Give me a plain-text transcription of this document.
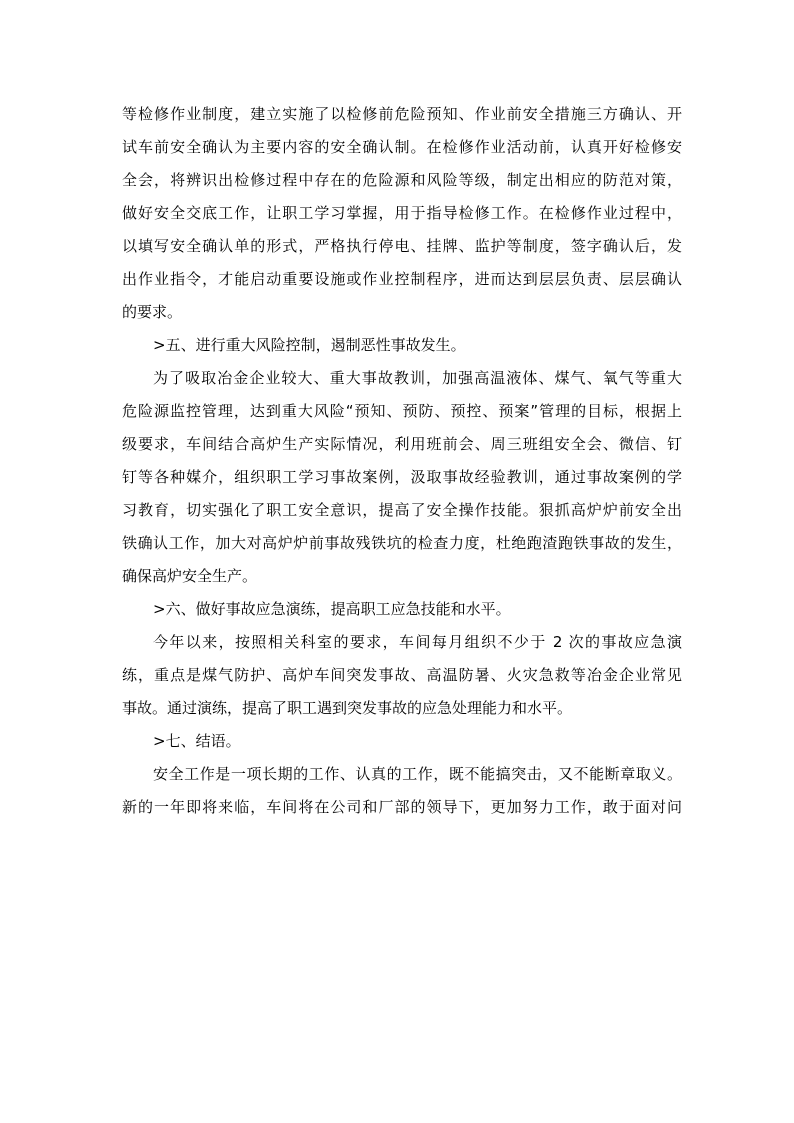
等检修作业制度，建立实施了以检修前危险预知、作业前安全措施三方确认、开
试车前安全确认为主要内容的安全确认制。在检修作业活动前，认真开好检修安
全会，将辨识出检修过程中存在的危险源和风险等级，制定出相应的防范对策，
做好安全交底工作，让职工学习掌握，用于指导检修工作。在检修作业过程中，
以填写安全确认单的形式，严格执行停电、挂牌、监护等制度，签字确认后，发
出作业指令，才能启动重要设施或作业控制程序，进而达到层层负责、层层确认
的要求。
>五、进行重大风险控制，遏制恶性事故发生。
为了吸取冶金企业较大、重大事故教训，加强高温液体、煤气、氧气等重大
危险源监控管理，达到重大风险“预知、预防、预控、预案”管理的目标，根据上
级要求，车间结合高炉生产实际情况，利用班前会、周三班组安全会、微信、钉
钉等各种媒介，组织职工学习事故案例，汲取事故经验教训，通过事故案例的学
习教育，切实强化了职工安全意识，提高了安全操作技能。狠抓高炉炉前安全出
铁确认工作，加大对高炉炉前事故残铁坑的检查力度，杜绝跑渣跑铁事故的发生，
确保高炉安全生产。
>六、做好事故应急演练，提高职工应急技能和水平。
今年以来，按照相关科室的要求，车间每月组织不少于 2 次的事故应急演
练，重点是煤气防护、高炉车间突发事故、高温防暑、火灾急救等冶金企业常见
事故。通过演练，提高了职工遇到突发事故的应急处理能力和水平。
>七、结语。
安全工作是一项长期的工作、认真的工作，既不能搞突击，又不能断章取义。
新的一年即将来临，车间将在公司和厂部的领导下，更加努力工作，敢于面对问
